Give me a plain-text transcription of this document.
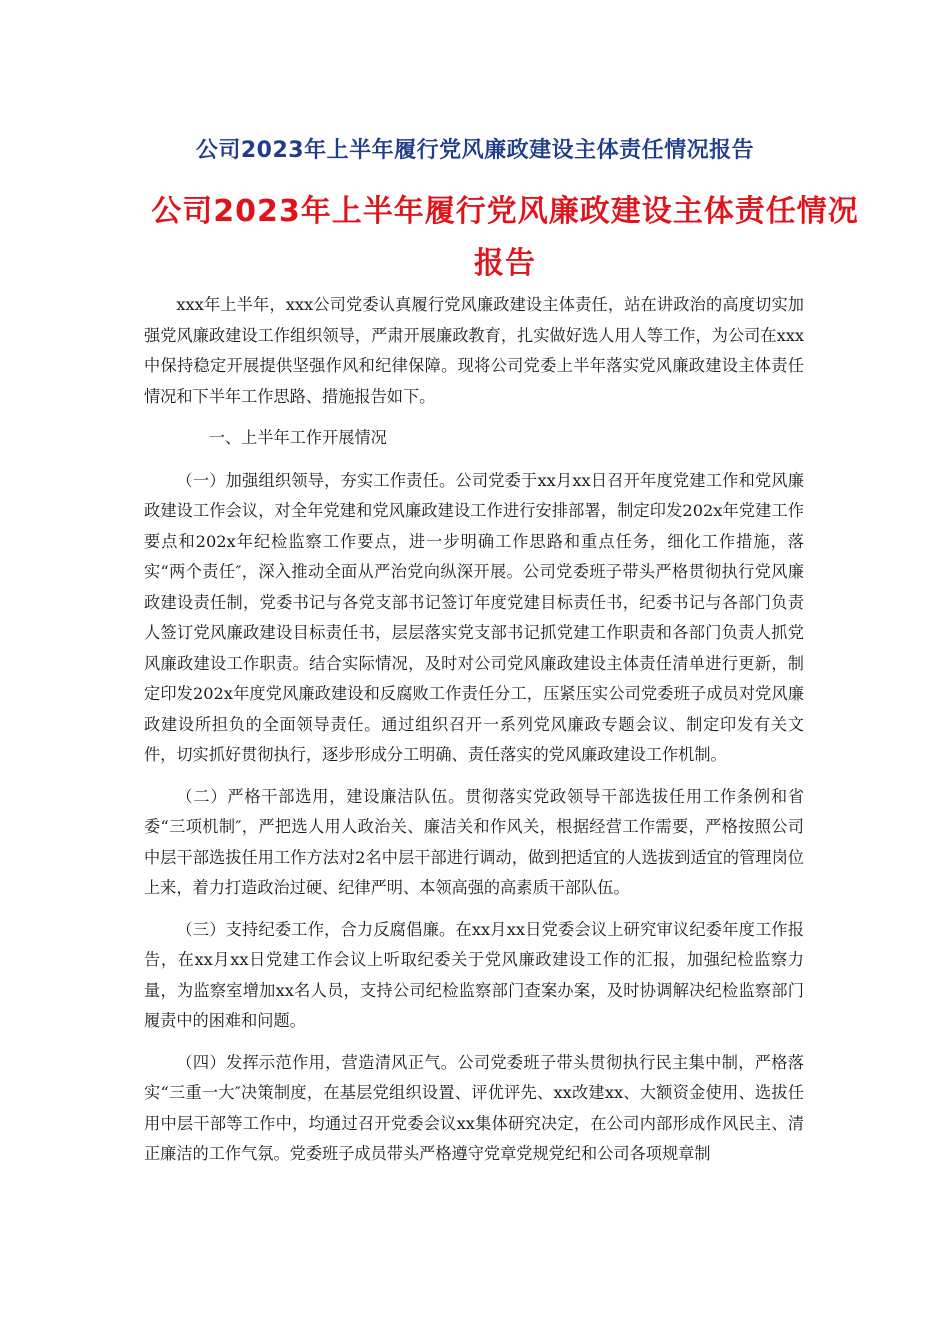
公司2023年上半年履行党风廉政建设主体责任情况报告
公司2023年上半年履行党风廉政建设主体责任情况报告

xxx年上半年，xxx公司党委认真履行党风廉政建设主体责任，站在讲政治的高度切实加强党风廉政建设工作组织领导，严肃开展廉政教育，扎实做好选人用人等工作，为公司在xxx中保持稳定开展提供坚强作风和纪律保障。现将公司党委上半年落实党风廉政建设主体责任情况和下半年工作思路、措施报告如下。

一、上半年工作开展情况

（一）加强组织领导，夯实工作责任。公司党委于xx月xx日召开年度党建工作和党风廉政建设工作会议，对全年党建和党风廉政建设工作进行安排部署，制定印发202x年党建工作要点和202x年纪检监察工作要点，进一步明确工作思路和重点任务，细化工作措施，落实“两个责任″，深入推动全面从严治党向纵深开展。公司党委班子带头严格贯彻执行党风廉政建设责任制，党委书记与各党支部书记签订年度党建目标责任书，纪委书记与各部门负责人签订党风廉政建设目标责任书，层层落实党支部书记抓党建工作职责和各部门负责人抓党风廉政建设工作职责。结合实际情况，及时对公司党风廉政建设主体责任清单进行更新，制定印发202x年度党风廉政建设和反腐败工作责任分工，压紧压实公司党委班子成员对党风廉政建设所担负的全面领导责任。通过组织召开一系列党风廉政专题会议、制定印发有关文件，切实抓好贯彻执行，逐步形成分工明确、责任落实的党风廉政建设工作机制。

（二）严格干部选用，建设廉洁队伍。贯彻落实党政领导干部选拔任用工作条例和省委“三项机制″，严把选人用人政治关、廉洁关和作风关，根据经营工作需要，严格按照公司中层干部选拔任用工作方法对2名中层干部进行调动，做到把适宜的人选拔到适宜的管理岗位上来，着力打造政治过硬、纪律严明、本领高强的高素质干部队伍。

（三）支持纪委工作，合力反腐倡廉。在xx月xx日党委会议上研究审议纪委年度工作报告，在xx月xx日党建工作会议上听取纪委关于党风廉政建设工作的汇报，加强纪检监察力量，为监察室增加xx名人员，支持公司纪检监察部门查案办案，及时协调解决纪检监察部门履责中的困难和问题。

（四）发挥示范作用，营造清风正气。公司党委班子带头贯彻执行民主集中制，严格落实“三重一大″决策制度，在基层党组织设置、评优评先、xx改建xx、大额资金使用、选拔任用中层干部等工作中，均通过召开党委会议xx集体研究决定，在公司内部形成作风民主、清正廉洁的工作气氛。党委班子成员带头严格遵守党章党规党纪和公司各项规章制
